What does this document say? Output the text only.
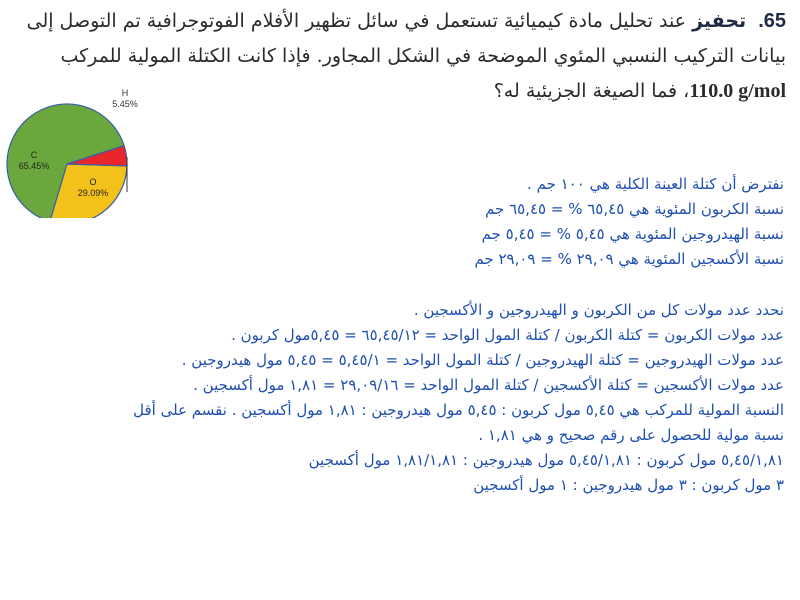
65. تحفيز عند تحليل مادة كيميائية تستعمل في سائل تظهير الأفلام الفوتوجرافية تم التوصل إلى
بيانات التركيب النسبي المئوي الموضحة في الشكل المجاور. فإذا كانت الكتلة المولية للمركب
110.0 g/mol، فما الصيغة الجزيئية له؟
H
5.45%
C
65.45%
O
29.09%	نفترض أن كتلة العينة الكلية هي ١٠٠ جم .

نسبة الكربون المئوية هي ٦٥,٤٥ % = ٦٥,٤٥ جم

نسبة الهيدروجين المئوية هي ٥,٤٥ % = ٥,٤٥ جم

نسبة الأكسجين المئوية هي ٢٩,٠٩ % = ٢٩,٠٩ جم

نحدد عدد مولات كل من الكربون و الهيدروجين و الأكسجين .

عدد مولات الكربون = كتلة الكربون / كتلة المول الواحد = ٦٥,٤٥/١٢ = ٥,٤٥مول كربون .

عدد مولات الهيدروجين = كتلة الهيدروجين / كتلة المول الواحد = ٥,٤٥/١ = ٥,٤٥ مول هيدروجين .

عدد مولات الأكسجين = كتلة الأكسجين / كتلة المول الواحد = ٢٩,٠٩/١٦ = ١,٨١ مول أكسجين .

النسبة المولية للمركب هي ٥,٤٥ مول كربون : ٥,٤٥ مول هيدروجين : ١,٨١ مول أكسجين . نقسم على أقل

نسبة مولية للحصول على رقم صحيح و هي ١,٨١ .

٥,٤٥/١,٨١ مول كربون : ٥,٤٥/١,٨١ مول هيدروجين : ١,٨١/١,٨١ مول أكسجين

٣ مول كربون : ٣ مول هيدروجين : ١ مول أكسجين
